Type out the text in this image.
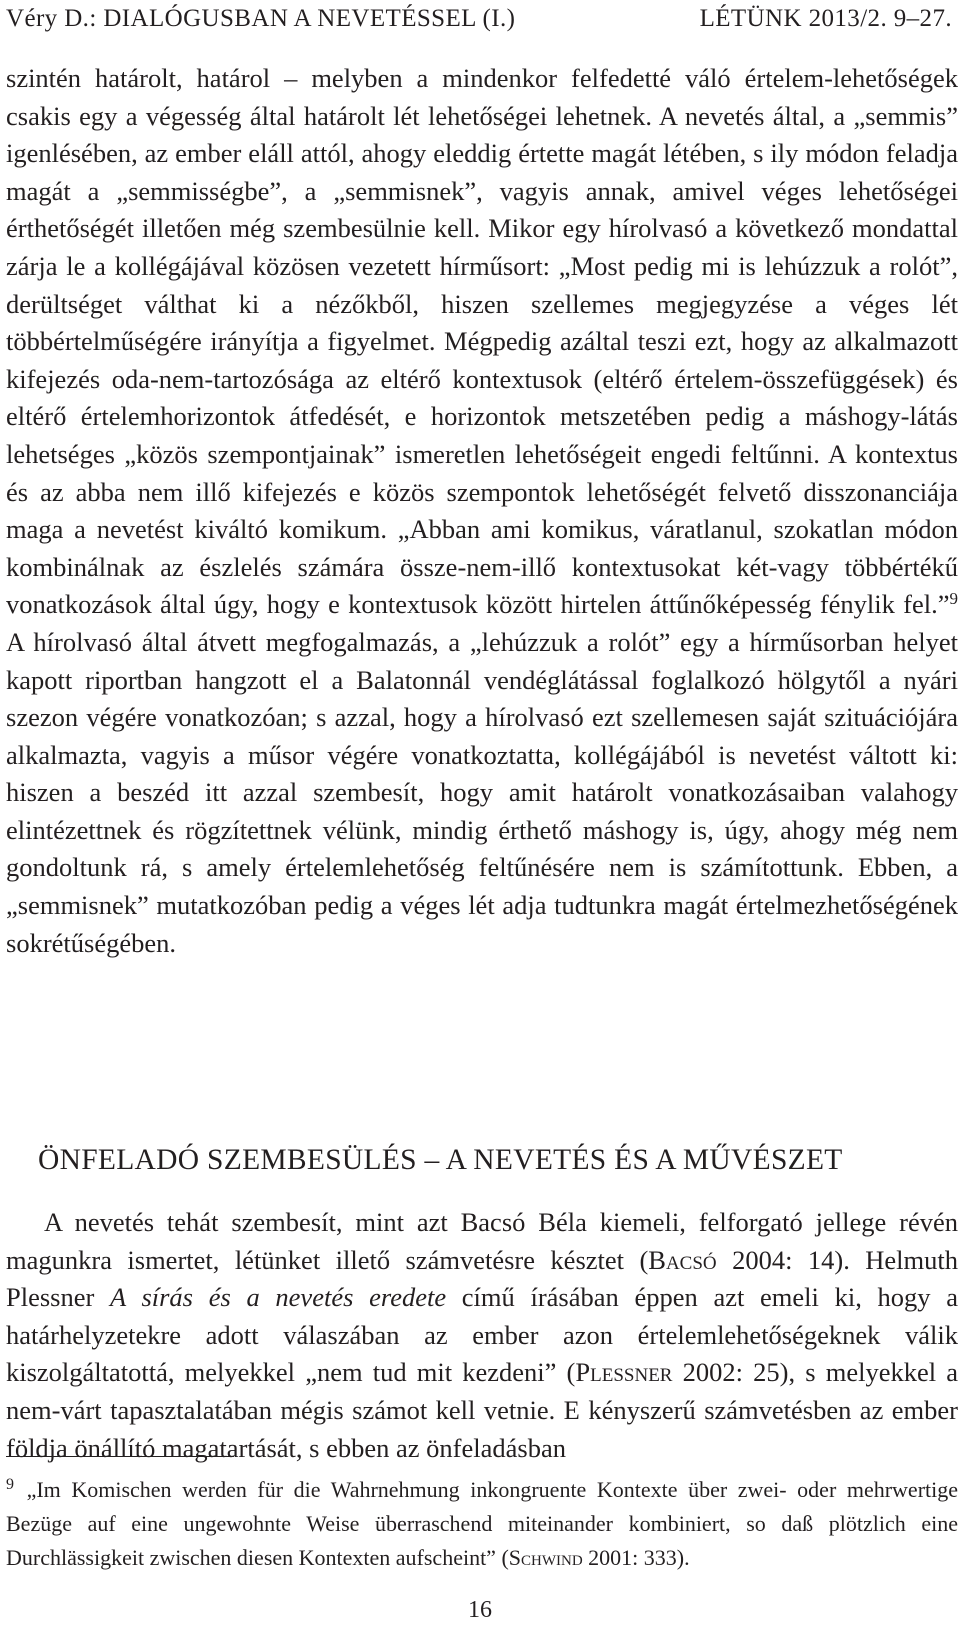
Véry D.: DIALÓGUSBAN A NEVETÉSSEL (I.)	LÉTÜNK 2013/2. 9–27.

szintén határolt, határol – melyben a mindenkor felfedetté váló értelem-lehetőségek csakis egy a végesség által határolt lét lehetőségei lehetnek. A nevetés által, a „semmis” igenlésében, az ember eláll attól, ahogy eleddig értette magát létében, s ily módon feladja magát a „semmisségbe”, a „semmisnek”, vagyis annak, amivel véges lehetőségei érthetőségét illetően még szembesülnie kell. Mikor egy hírolvasó a következő mondattal zárja le a kollégájával közösen vezetett hírműsort: „Most pedig mi is lehúzzuk a rolót”, derültséget válthat ki a nézőkből, hiszen szellemes megjegyzése a véges lét többértelműségére irányítja a figyelmet. Mégpedig azáltal teszi ezt, hogy az alkalmazott kifejezés oda-nem-tartozósága az eltérő kontextusok (eltérő értelem-összefüggések) és eltérő értelemhorizontok átfedését, e horizontok metszetében pedig a máshogy-látás lehetséges „közös szempontjainak” ismeretlen lehetőségeit engedi feltűnni. A kontextus és az abba nem illő kifejezés e közös szempontok lehetőségét felvető disszonanciája maga a nevetést kiváltó komikum. „Abban ami komikus, váratlanul, szokatlan módon kombinálnak az észlelés számára össze-nem-illő kontextusokat két-vagy többértékű vonatkozások által úgy, hogy e kontextusok között hirtelen áttűnőképesség fénylik fel.”$^9$ A hírolvasó által átvett megfogalmazás, a „lehúzzuk a rolót” egy a hírműsorban helyet kapott riportban hangzott el a Balatonnál vendéglátással foglalkozó hölgytől a nyári szezon végére vonatkozóan; s azzal, hogy a hírolvasó ezt szellemesen saját szituációjára alkalmazta, vagyis a műsor végére vonatkoztatta, kollégájából is nevetést váltott ki: hiszen a beszéd itt azzal szembesít, hogy amit határolt vonatkozásaiban valahogy elintézettnek és rögzítettnek vélünk, mindig érthető máshogy is, úgy, ahogy még nem gondoltunk rá, s amely értelemlehetőség feltűnésére nem is számítottunk. Ebben, a „semmisnek” mutatkozóban pedig a véges lét adja tudtunkra magát értelmezhetőségének sokrétűségében.

ÖNFELADÓ SZEMBESÜLÉS – A NEVETÉS ÉS A MŰVÉSZET

A nevetés tehát szembesít, mint azt Bacsó Béla kiemeli, felforgató jellege révén magunkra ismertet, létünket illető számvetésre késztet (Bacsó 2004: 14). Helmuth Plessner A sírás és a nevetés eredete című írásában éppen azt emeli ki, hogy a határhelyzetekre adott válaszában az ember azon értelemlehetőségeknek válik kiszolgáltatottá, melyekkel „nem tud mit kezdeni” (Plessner 2002: 25), s melyekkel a nem-várt tapasztalatában mégis számot kell vetnie. E kényszerű számvetésben az ember földja önállító magatartását, s ebben az önfeladásban

$^9$ „Im Komischen werden für die Wahrnehmung inkongruente Kontexte über zwei- oder mehrwertige Bezüge auf eine ungewohnte Weise überraschend miteinander kombiniert, so daß plötzlich eine Durchlässigkeit zwischen diesen Kontexten aufscheint” (Schwind 2001: 333).

16
